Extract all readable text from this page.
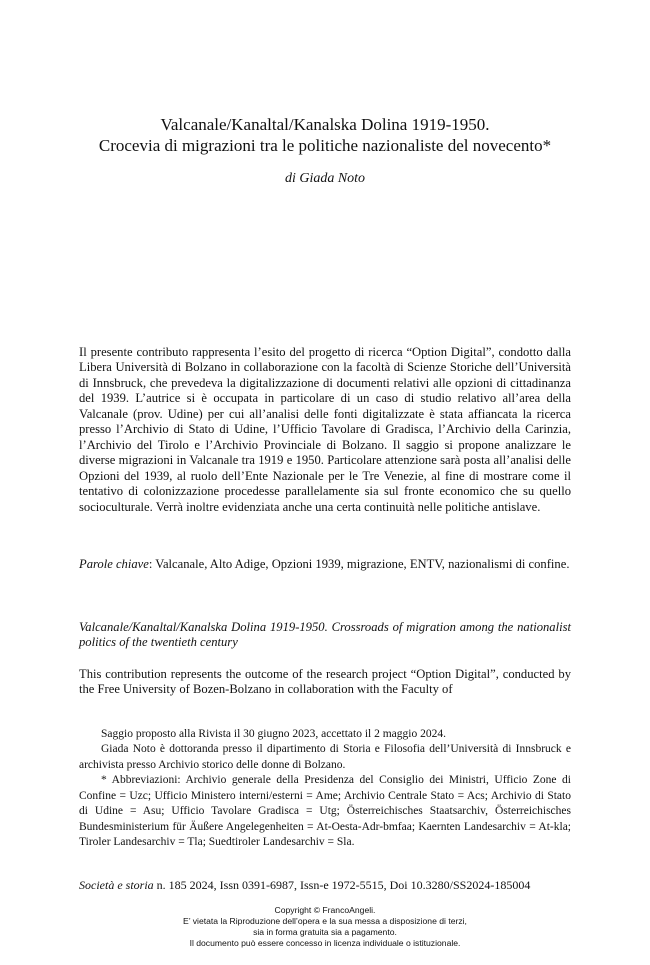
Valcanale/Kanaltal/Kanalska Dolina 1919-1950.
Crocevia di migrazioni tra le politiche nazionaliste del novecento*
di Giada Noto

Il presente contributo rappresenta l’esito del progetto di ricerca “Option Digital”, condotto dalla Libera Università di Bolzano in collaborazione con la facoltà di Scienze Storiche dell’Università di Innsbruck, che prevedeva la digitalizzazione di documenti relativi alle opzioni di cittadinanza del 1939. L’autrice si è occupata in particolare di un caso di studio relativo all’area della Valcanale (prov. Udine) per cui all’analisi delle fonti digitalizzate è stata affiancata la ricerca presso l’Archivio di Stato di Udine, l’Ufficio Tavolare di Gradisca, l’Archivio della Carinzia, l’Archivio del Tirolo e l’Archivio Provinciale di Bolzano. Il saggio si propone analizzare le diverse migrazioni in Valcanale tra 1919 e 1950. Particolare attenzione sarà posta all’analisi delle Opzioni del 1939, al ruolo dell’Ente Nazionale per le Tre Venezie, al fine di mostrare come il tentativo di colonizzazione procedesse parallelamente sia sul fronte economico che su quello socioculturale. Verrà inoltre evidenziata anche una certa continuità nelle politiche antislave.

Parole chiave: Valcanale, Alto Adige, Opzioni 1939, migrazione, ENTV, nazionalismi di confine.

Valcanale/Kanaltal/Kanalska Dolina 1919-1950. Crossroads of migration among the nationalist politics of the twentieth century

This contribution represents the outcome of the research project “Option Digital”, conducted by the Free University of Bozen-Bolzano in collaboration with the Faculty of

Saggio proposto alla Rivista il 30 giugno 2023, accettato il 2 maggio 2024.

Giada Noto è dottoranda presso il dipartimento di Storia e Filosofia dell’Università di Innsbruck e archivista presso Archivio storico delle donne di Bolzano.

* Abbreviazioni: Archivio generale della Presidenza del Consiglio dei Ministri, Ufficio Zone di Confine = Uzc; Ufficio Ministero interni/esterni = Ame; Archivio Centrale Stato = Acs; Archivio di Stato di Udine = Asu; Ufficio Tavolare Gradisca = Utg; Österreichisches Staatsarchiv, Österreichisches Bundesministerium für Äußere Angelegenheiten = At-Oesta-Adr-bmfaa; Kaernten Landesarchiv = At-kla; Tiroler Landesarchiv = Tla; Suedtiroler Landesarchiv = Sla.

Società e storia n. 185 2024, Issn 0391-6987, Issn-e 1972-5515, Doi 10.3280/SS2024-185004
Copyright © FrancoAngeli.
E’ vietata la Riproduzione dell’opera e la sua messa a disposizione di terzi,
sia in forma gratuita sia a pagamento.
Il documento può essere concesso in licenza individuale o istituzionale.
